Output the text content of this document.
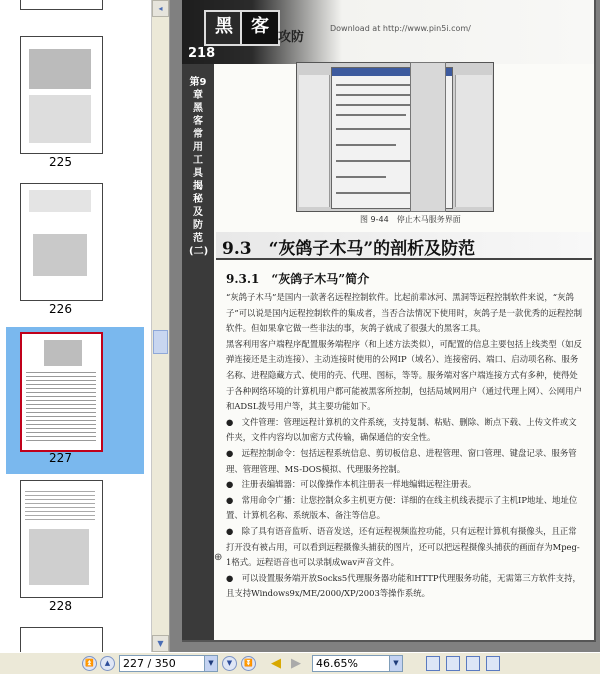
225
226
227
228
◂
▼
黑	客
攻防
218
Download at http://www.pin5i.com/
第9章 黑客常用工具揭秘及防范(二)
图 9-44　停止木马服务界面
9.3　“灰鸽子木马”的剖析及防范
9.3.1　“灰鸽子木马”简介

“灰鸽子木马”是国内一款著名远程控制软件。比起前辈冰河、黑洞等远程控制软件来说，“灰鸽子”可以说是国内远程控制软件的集成者，当否合法情况下使用时，灰鸽子是一款优秀的远程控制软件。但如果拿它做一些非法的事，灰鸽子就成了很强大的黑客工具。

黑客利用客户端程序配置服务端程序（和上述方法类似），可配置的信息主要包括上线类型（如反弹连接还是主动连接）、主动连接时使用的公网IP（域名）、连接密码、端口、启动项名称、服务名称、进程隐藏方式、使用的壳、代理、图标，等等。服务端对客户端连接方式有多种，使得处于各种网络环境的计算机用户都可能被黑客所控制，包括局域网用户（通过代理上网）、公网用户和ADSL拨号用户等，其主要功能如下。

●　文件管理：管理远程计算机的文件系统，支持复制、粘贴、删除、断点下载、上传文件或文件夹，文件内容均以加密方式传输，确保通信的安全性。

●　远程控制命令：包括远程系统信息、剪切板信息、进程管理、窗口管理、键盘记录、服务管理、管理管理、MS-DOS模拟、代理服务控制。

●　注册表编辑器：可以像操作本机注册表一样地编辑远程注册表。

●　常用命令广播：让您控制众多主机更方便：详细的在线主机线表提示了主机IP地址、地址位置、计算机名称、系统版本、备注等信息。

●　除了具有语音监听、语音发送，还有远程视频监控功能，只有远程计算机有摄像头，且正常打开没有被占用，可以看到远程摄像头捕获的图片，还可以把远程摄像头捕获的画面存为Mpeg-1格式。远程语音也可以录制成wav声音文件。

●　可以设置服务端开放Socks5代理服务器功能和HTTP代理服务功能，无需第三方软件支持，且支持Windows9x/ME/2000/XP/2003等操作系统。

⊕
⏫	▲	227 / 350	▼	▼	⏬ ◀ ▶	46.65%	▼
